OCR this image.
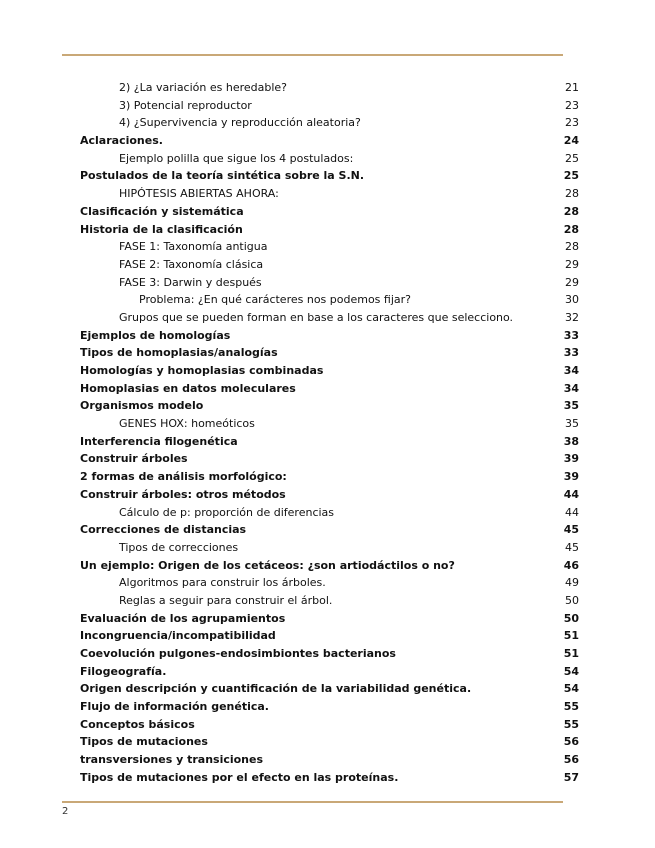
2) ¿La variación es heredable?	21
3) Potencial reproductor	23
4) ¿Supervivencia y reproducción aleatoria?	23
Aclaraciones.	24
Ejemplo polilla que sigue los 4 postulados:	25
Postulados de la teoría sintética sobre la S.N.	25
HIPÓTESIS ABIERTAS AHORA:	28
Clasificación y sistemática	28
Historia de la clasificación	28
FASE 1: Taxonomía antigua	28
FASE 2: Taxonomía clásica	29
FASE 3: Darwin y después	29
Problema: ¿En qué carácteres nos podemos fijar?	30
Grupos que se pueden forman en base a los caracteres que selecciono.	32
Ejemplos de homologías	33
Tipos de homoplasias/analogías	33
Homologías y homoplasias combinadas	34
Homoplasias en datos moleculares	34
Organismos modelo	35
GENES HOX: homeóticos	35
Interferencia filogenética	38
Construir árboles	39
2 formas de análisis morfológico:	39
Construir árboles: otros métodos	44
Cálculo de p: proporción de diferencias	44
Correcciones de distancias	45
Tipos de correcciones	45
Un ejemplo: Origen de los cetáceos: ¿son artiodáctilos o no?	46
Algoritmos para construir los árboles.	49
Reglas a seguir para construir el árbol.	50
Evaluación de los agrupamientos	50
Incongruencia/incompatibilidad	51
Coevolución pulgones-endosimbiontes bacterianos	51
Filogeografía.	54
Origen descripción y cuantificación de la variabilidad genética.	54
Flujo de información genética.	55
Conceptos básicos	55
Tipos de mutaciones	56
transversiones y transiciones	56
Tipos de mutaciones por el efecto en las proteínas.	57
2
